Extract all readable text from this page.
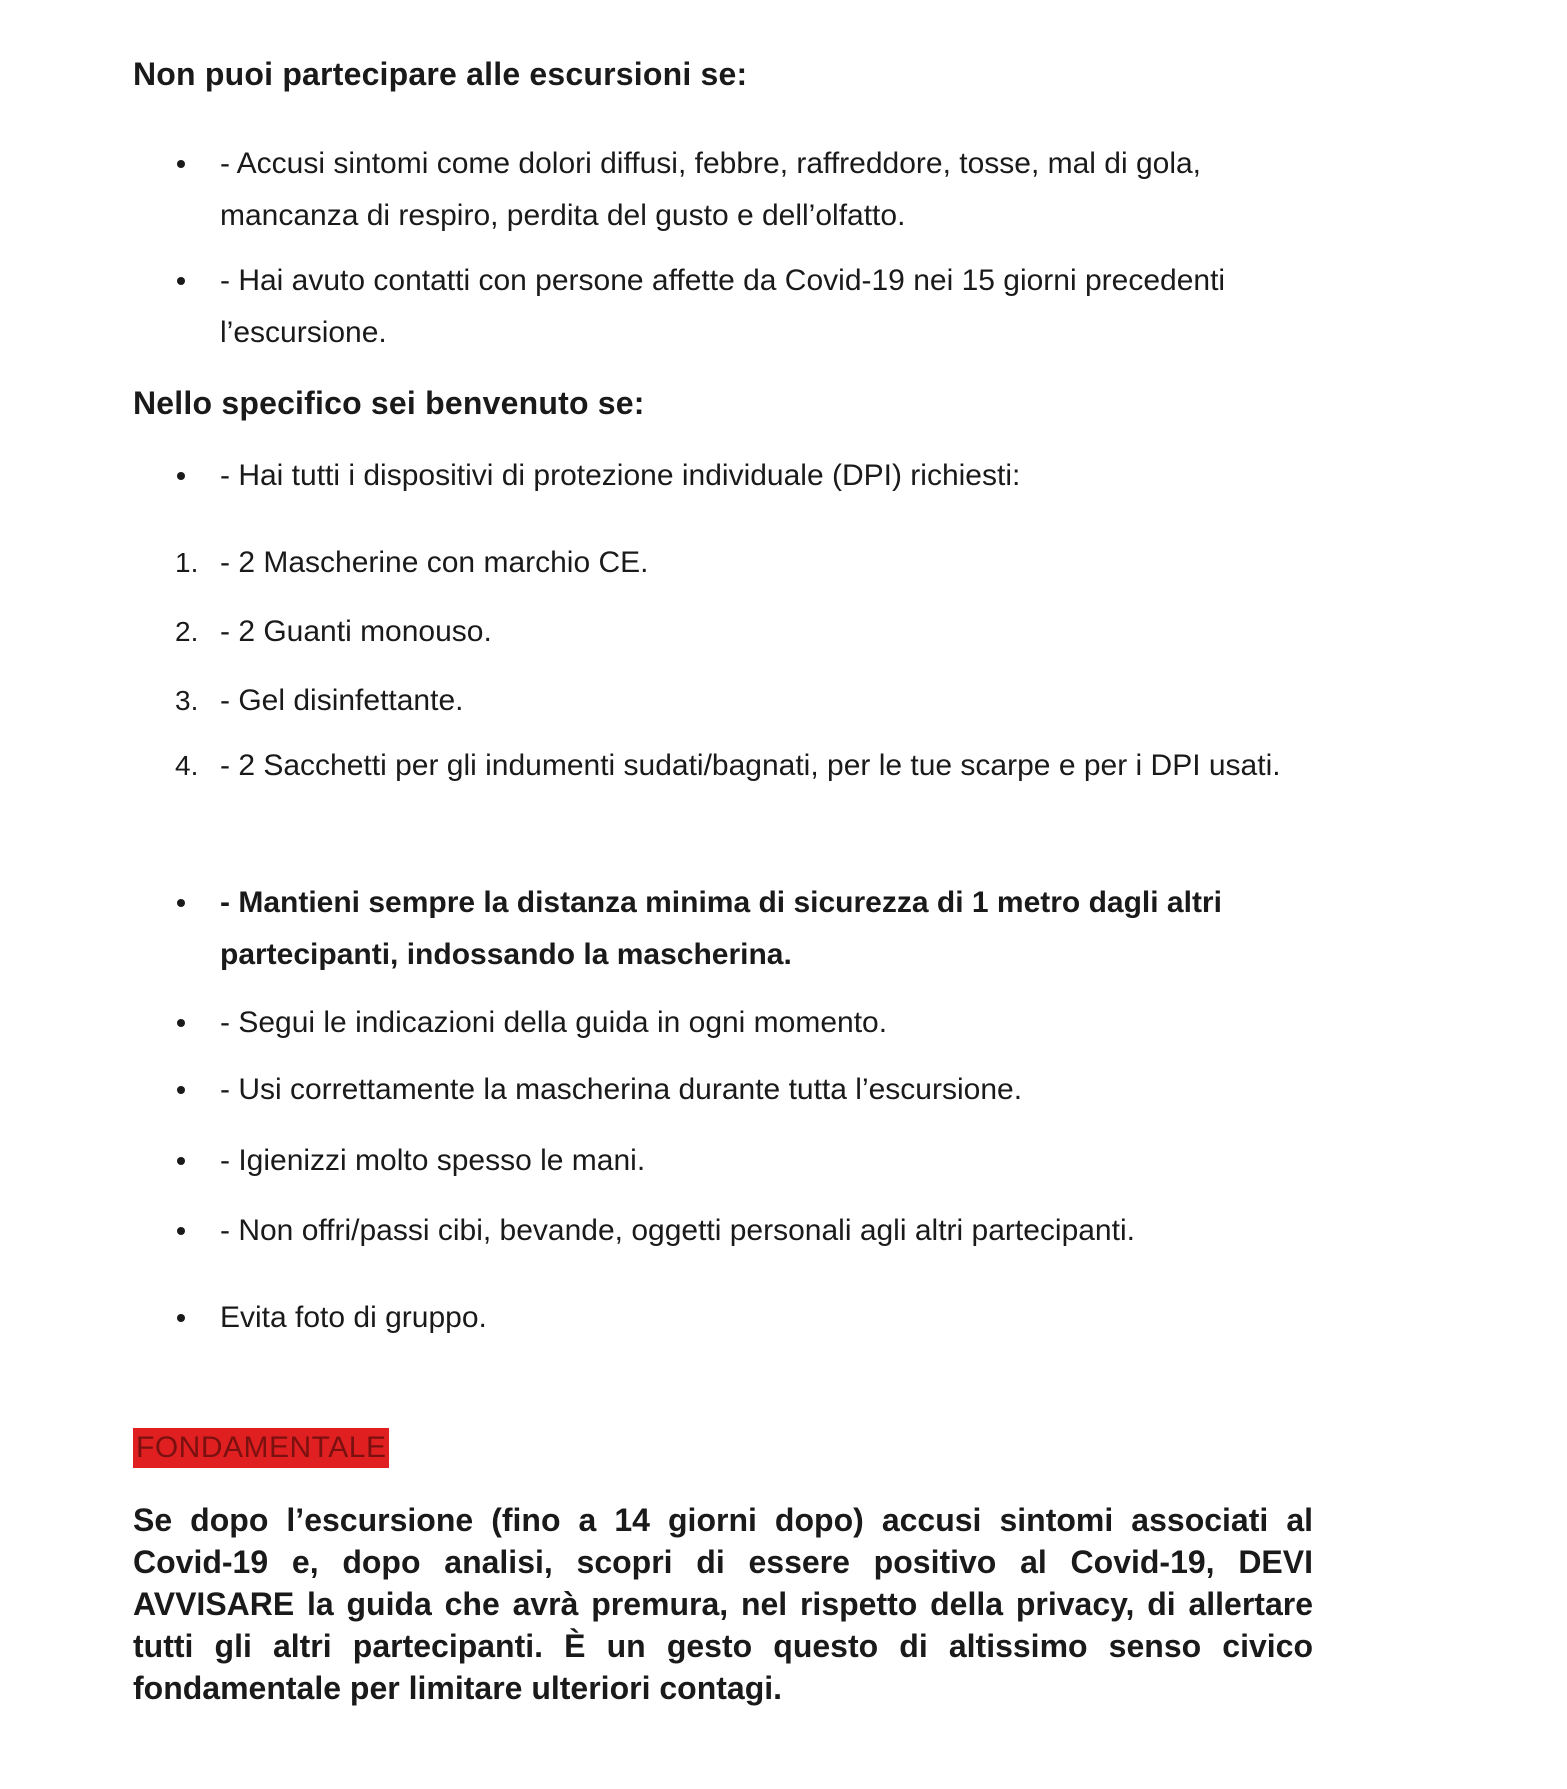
Non puoi partecipare alle escursioni se:
- Accusi sintomi come dolori diffusi, febbre, raffreddore, tosse, mal di gola, mancanza di respiro, perdita del gusto e dell’olfatto.
- Hai avuto contatti con persone affette da Covid-19 nei 15 giorni precedenti l’escursione.
Nello specifico sei benvenuto se:
- Hai tutti i dispositivi di protezione individuale (DPI) richiesti:
1. - 2 Mascherine con marchio CE.
2. - 2 Guanti monouso.
3. - Gel disinfettante.
4. - 2 Sacchetti per gli indumenti sudati/bagnati, per le tue scarpe e per i DPI usati.
- Mantieni sempre la distanza minima di sicurezza di 1 metro dagli altri partecipanti, indossando la mascherina.
- Segui le indicazioni della guida in ogni momento.
- Usi correttamente la mascherina durante tutta l’escursione.
- Igienizzi molto spesso le mani.
- Non offri/passi cibi, bevande, oggetti personali agli altri partecipanti.
Evita foto di gruppo.
FONDAMENTALE

Se dopo l’escursione (fino a 14 giorni dopo) accusi sintomi associati al Covid-19 e, dopo analisi, scopri di essere positivo al Covid-19, DEVI AVVISARE la guida che avrà premura, nel rispetto della privacy, di allertare tutti gli altri partecipanti. È un gesto questo di altissimo senso civico fondamentale per limitare ulteriori contagi.
